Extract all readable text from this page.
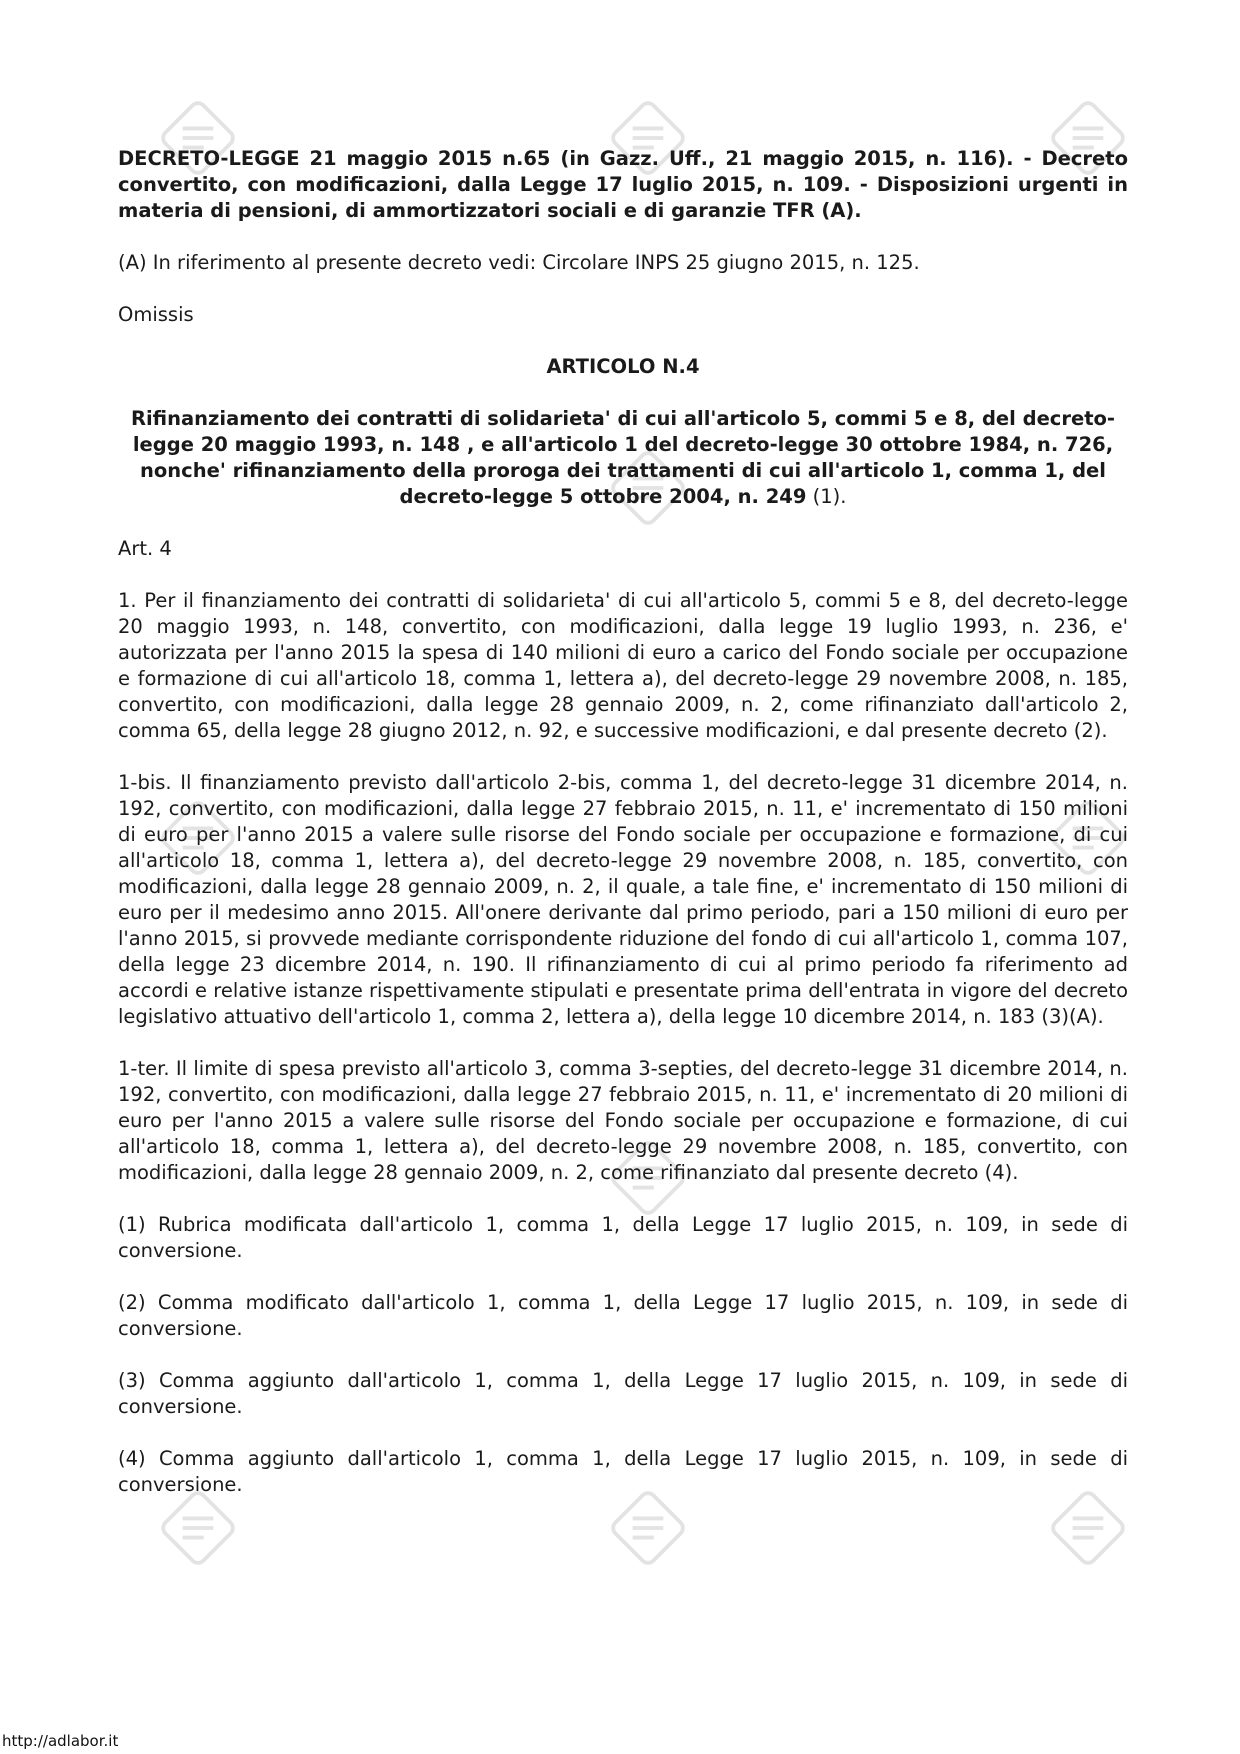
DECRETO-LEGGE 21 maggio 2015 n.65 (in Gazz. Uff., 21 maggio 2015, n. 116). - Decreto convertito, con modificazioni, dalla Legge 17 luglio 2015, n. 109. - Disposizioni urgenti in materia di pensioni, di ammortizzatori sociali e di garanzie TFR (A).

(A) In riferimento al presente decreto vedi: Circolare INPS 25 giugno 2015, n. 125.

Omissis

ARTICOLO N.4
Rifinanziamento dei contratti di solidarieta' di cui all'articolo 5, commi 5 e 8, del decreto-legge 20 maggio 1993, n. 148 , e all'articolo 1 del decreto-legge 30 ottobre 1984, n. 726, nonche' rifinanziamento della proroga dei trattamenti di cui all'articolo 1, comma 1, del decreto-legge 5 ottobre 2004, n. 249 (1).

Art. 4

1. Per il finanziamento dei contratti di solidarieta' di cui all'articolo 5, commi 5 e 8, del decreto-legge 20 maggio 1993, n. 148, convertito, con modificazioni, dalla legge 19 luglio 1993, n. 236, e' autorizzata per l'anno 2015 la spesa di 140 milioni di euro a carico del Fondo sociale per occupazione e formazione di cui all'articolo 18, comma 1, lettera a), del decreto-legge 29 novembre 2008, n. 185, convertito, con modificazioni, dalla legge 28 gennaio 2009, n. 2, come rifinanziato dall'articolo 2, comma 65, della legge 28 giugno 2012, n. 92, e successive modificazioni, e dal presente decreto (2).

1-bis. Il finanziamento previsto dall'articolo 2-bis, comma 1, del decreto-legge 31 dicembre 2014, n. 192, convertito, con modificazioni, dalla legge 27 febbraio 2015, n. 11, e' incrementato di 150 milioni di euro per l'anno 2015 a valere sulle risorse del Fondo sociale per occupazione e formazione, di cui all'articolo 18, comma 1, lettera a), del decreto-legge 29 novembre 2008, n. 185, convertito, con modificazioni, dalla legge 28 gennaio 2009, n. 2, il quale, a tale fine, e' incrementato di 150 milioni di euro per il medesimo anno 2015. All'onere derivante dal primo periodo, pari a 150 milioni di euro per l'anno 2015, si provvede mediante corrispondente riduzione del fondo di cui all'articolo 1, comma 107, della legge 23 dicembre 2014, n. 190. Il rifinanziamento di cui al primo periodo fa riferimento ad accordi e relative istanze rispettivamente stipulati e presentate prima dell'entrata in vigore del decreto legislativo attuativo dell'articolo 1, comma 2, lettera a), della legge 10 dicembre 2014, n. 183 (3)(A).

1-ter. Il limite di spesa previsto all'articolo 3, comma 3-septies, del decreto-legge 31 dicembre 2014, n. 192, convertito, con modificazioni, dalla legge 27 febbraio 2015, n. 11, e' incrementato di 20 milioni di euro per l'anno 2015 a valere sulle risorse del Fondo sociale per occupazione e formazione, di cui all'articolo 18, comma 1, lettera a), del decreto-legge 29 novembre 2008, n. 185, convertito, con modificazioni, dalla legge 28 gennaio 2009, n. 2, come rifinanziato dal presente decreto (4).

(1) Rubrica modificata dall'articolo 1, comma 1, della Legge 17 luglio 2015, n. 109, in sede di conversione.

(2) Comma modificato dall'articolo 1, comma 1, della Legge 17 luglio 2015, n. 109, in sede di conversione.

(3) Comma aggiunto dall'articolo 1, comma 1, della Legge 17 luglio 2015, n. 109, in sede di conversione.

(4) Comma aggiunto dall'articolo 1, comma 1, della Legge 17 luglio 2015, n. 109, in sede di conversione.

http://adlabor.it
